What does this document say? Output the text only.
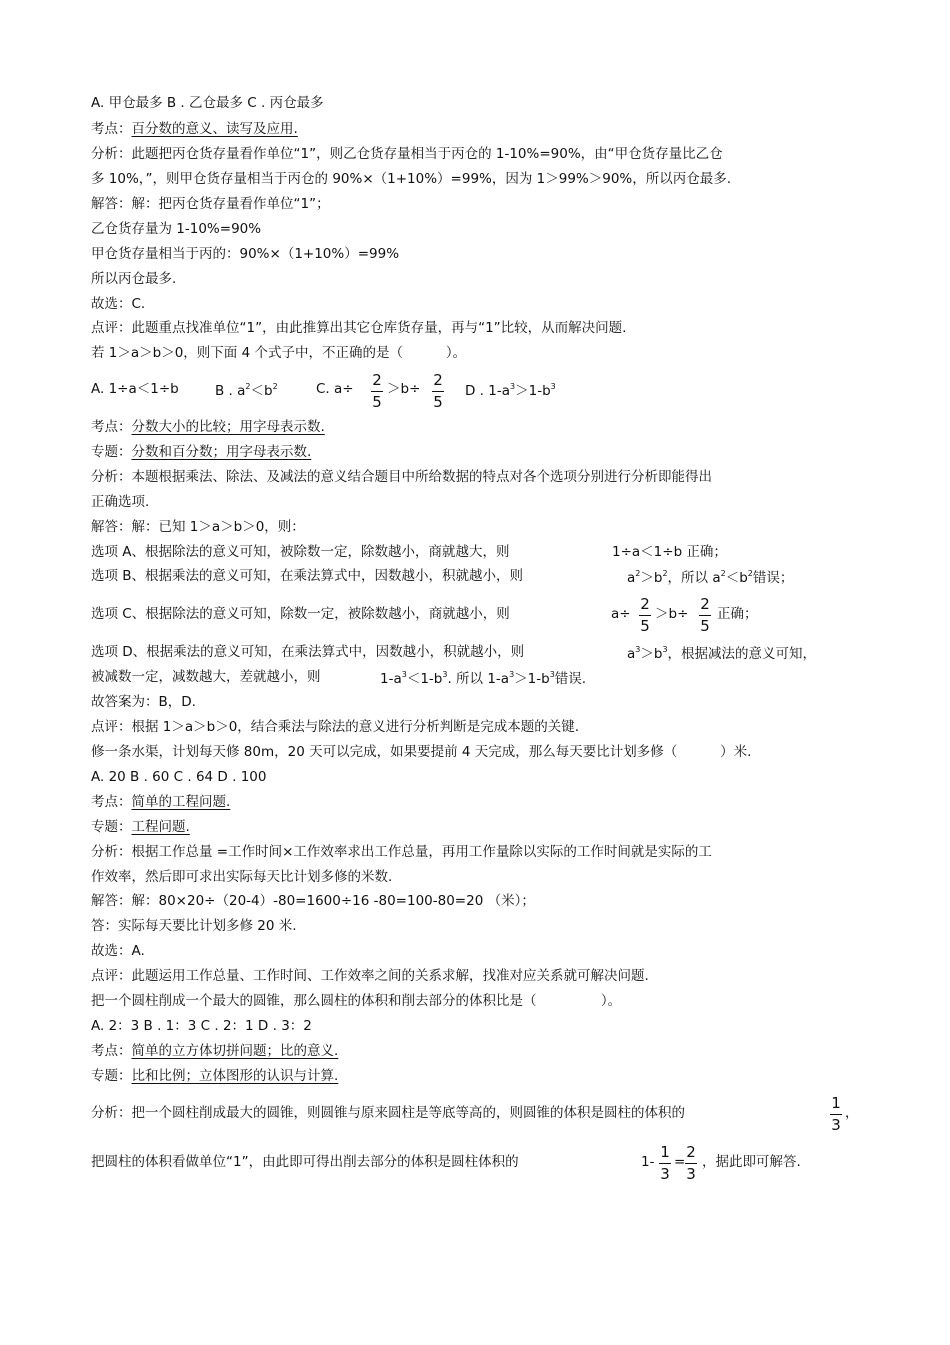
A. 甲仓最多 B . 乙仓最多 C . 丙仓最多
考点：百分数的意义、读写及应用.
分析：此题把丙仓货存量看作单位“1”，则乙仓货存量相当于丙仓的 1-10%=90%，由“甲仓货存量比乙仓
多 10%，”，则甲仓货存量相当于丙仓的 90%×（1+10%）=99%，因为 1＞99%＞90%，所以丙仓最多.
解答：解：把丙仓货存量看作单位“1”；
乙仓货存量为 1-10%=90%
甲仓货存量相当于丙的：90%×（1+10%）=99%
所以丙仓最多.
故选：C.
点评：此题重点找准单位“1”，由此推算出其它仓库货存量，再与“1”比较，从而解决问题.
若 1＞a＞b＞0，则下面 4 个式子中，不正确的是（          ）。
A. 1÷a＜1÷b	B . $a^2<b^2$	C. a÷ 2
5
＞b÷ 2
5
D . $1-a^3>1-b^3$
考点：分数大小的比较；用字母表示数.
专题：分数和百分数；用字母表示数.
分析：本题根据乘法、除法、及减法的意义结合题目中所给数据的特点对各个选项分别进行分析即能得出
正确选项.
解答：解：已知 1＞a＞b＞0，则：
选项 A、根据除法的意义可知，被除数一定，除数越小，商就越大，则	1÷a＜1÷b 正确；
选项 B、根据乘法的意义可知，在乘法算式中，因数越小，积就越小，则	$a^2>b^2$，所以 $a^2<b^2$错误；
选项 C、根据除法的意义可知，除数一定，被除数越小，商就越小，则	a÷
2
5
＞b÷
2
5
正确；
选项 D、根据乘法的意义可知，在乘法算式中，因数越小，积就越小，则	$a^3>b^3$，根据减法的意义可知，
被减数一定，减数越大，差就越小，则	$1-a^3<1-b^3$. 所以 $1-a^3>1-b^3$错误.
故答案为：B，D.
点评：根据 1＞a＞b＞0，结合乘法与除法的意义进行分析判断是完成本题的关键.
修一条水渠，计划每天修 80m，20 天可以完成，如果要提前 4 天完成，那么每天要比计划多修（          ）米.
A. 20 B . 60 C . 64 D . 100
考点：简单的工程问题.
专题：工程问题.
分析：根据工作总量 =工作时间×工作效率求出工作总量，再用工作量除以实际的工作时间就是实际的工
作效率，然后即可求出实际每天比计划多修的米数.
解答：解：80×20÷（20-4）-80=1600÷16 -80=100-80=20 （米）；
答：实际每天要比计划多修 20 米.
故选：A.
点评：此题运用工作总量、工作时间、工作效率之间的关系求解，找准对应关系就可解决问题.
把一个圆柱削成一个最大的圆锥，那么圆柱的体积和削去部分的体积比是（               ）。
A. 2：3 B . 1：3 C . 2：1 D . 3：2
考点：简单的立方体切拼问题；比的意义.
专题：比和比例；立体图形的认识与计算.
分析：把一个圆柱削成最大的圆锥，则圆锥与原来圆柱是等底等高的，则圆锥的体积是圆柱的体积的
1
3
，
把圆柱的体积看做单位“1”，由此即可得出削去部分的体积是圆柱体积的	1-
1
3
=
2
3
，据此即可解答.
